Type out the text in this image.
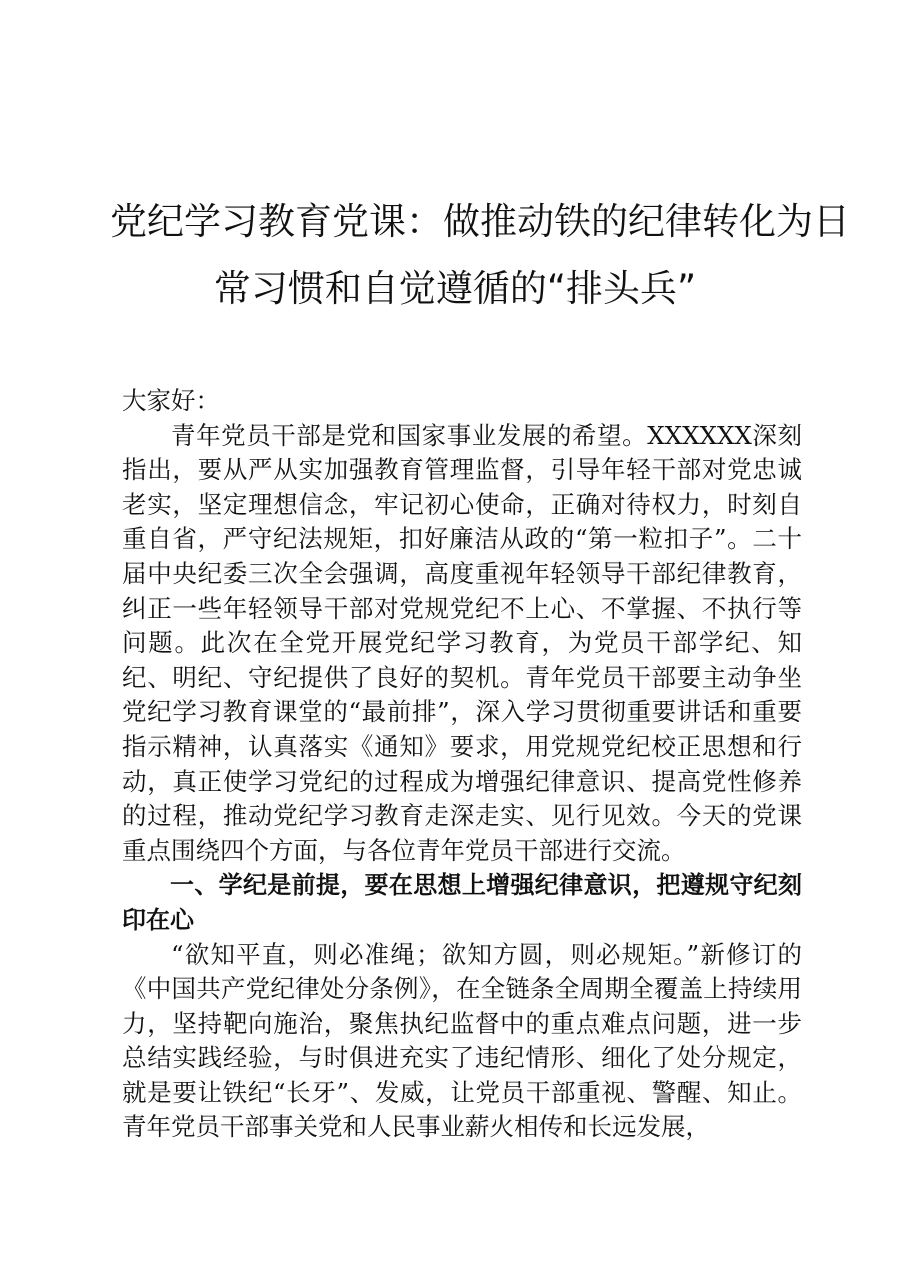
党纪学习教育党课：做推动铁的纪律转化为日
常习惯和自觉遵循的“排头兵”

大家好：

青年党员干部是党和国家事业发展的希望。XXXXXX深刻指出，要从严从实加强教育管理监督，引导年轻干部对党忠诚老实，坚定理想信念，牢记初心使命，正确对待权力，时刻自重自省，严守纪法规矩，扣好廉洁从政的“第一粒扣子”。二十届中央纪委三次全会强调，高度重视年轻领导干部纪律教育，纠正一些年轻领导干部对党规党纪不上心、不掌握、不执行等问题。此次在全党开展党纪学习教育，为党员干部学纪、知纪、明纪、守纪提供了良好的契机。青年党员干部要主动争坐党纪学习教育课堂的“最前排”，深入学习贯彻重要讲话和重要指示精神，认真落实《通知》要求，用党规党纪校正思想和行动，真正使学习党纪的过程成为增强纪律意识、提高党性修养的过程，推动党纪学习教育走深走实、见行见效。今天的党课重点围绕四个方面，与各位青年党员干部进行交流。

一、学纪是前提，要在思想上增强纪律意识，把遵规守纪刻印在心

“欲知平直，则必准绳；欲知方圆，则必规矩。”新修订的《中国共产党纪律处分条例》，在全链条全周期全覆盖上持续用力，坚持靶向施治，聚焦执纪监督中的重点难点问题，进一步总结实践经验，与时俱进充实了违纪情形、细化了处分规定，就是要让铁纪“长牙”、发威，让党员干部重视、警醒、知止。青年党员干部事关党和人民事业薪火相传和长远发展，
